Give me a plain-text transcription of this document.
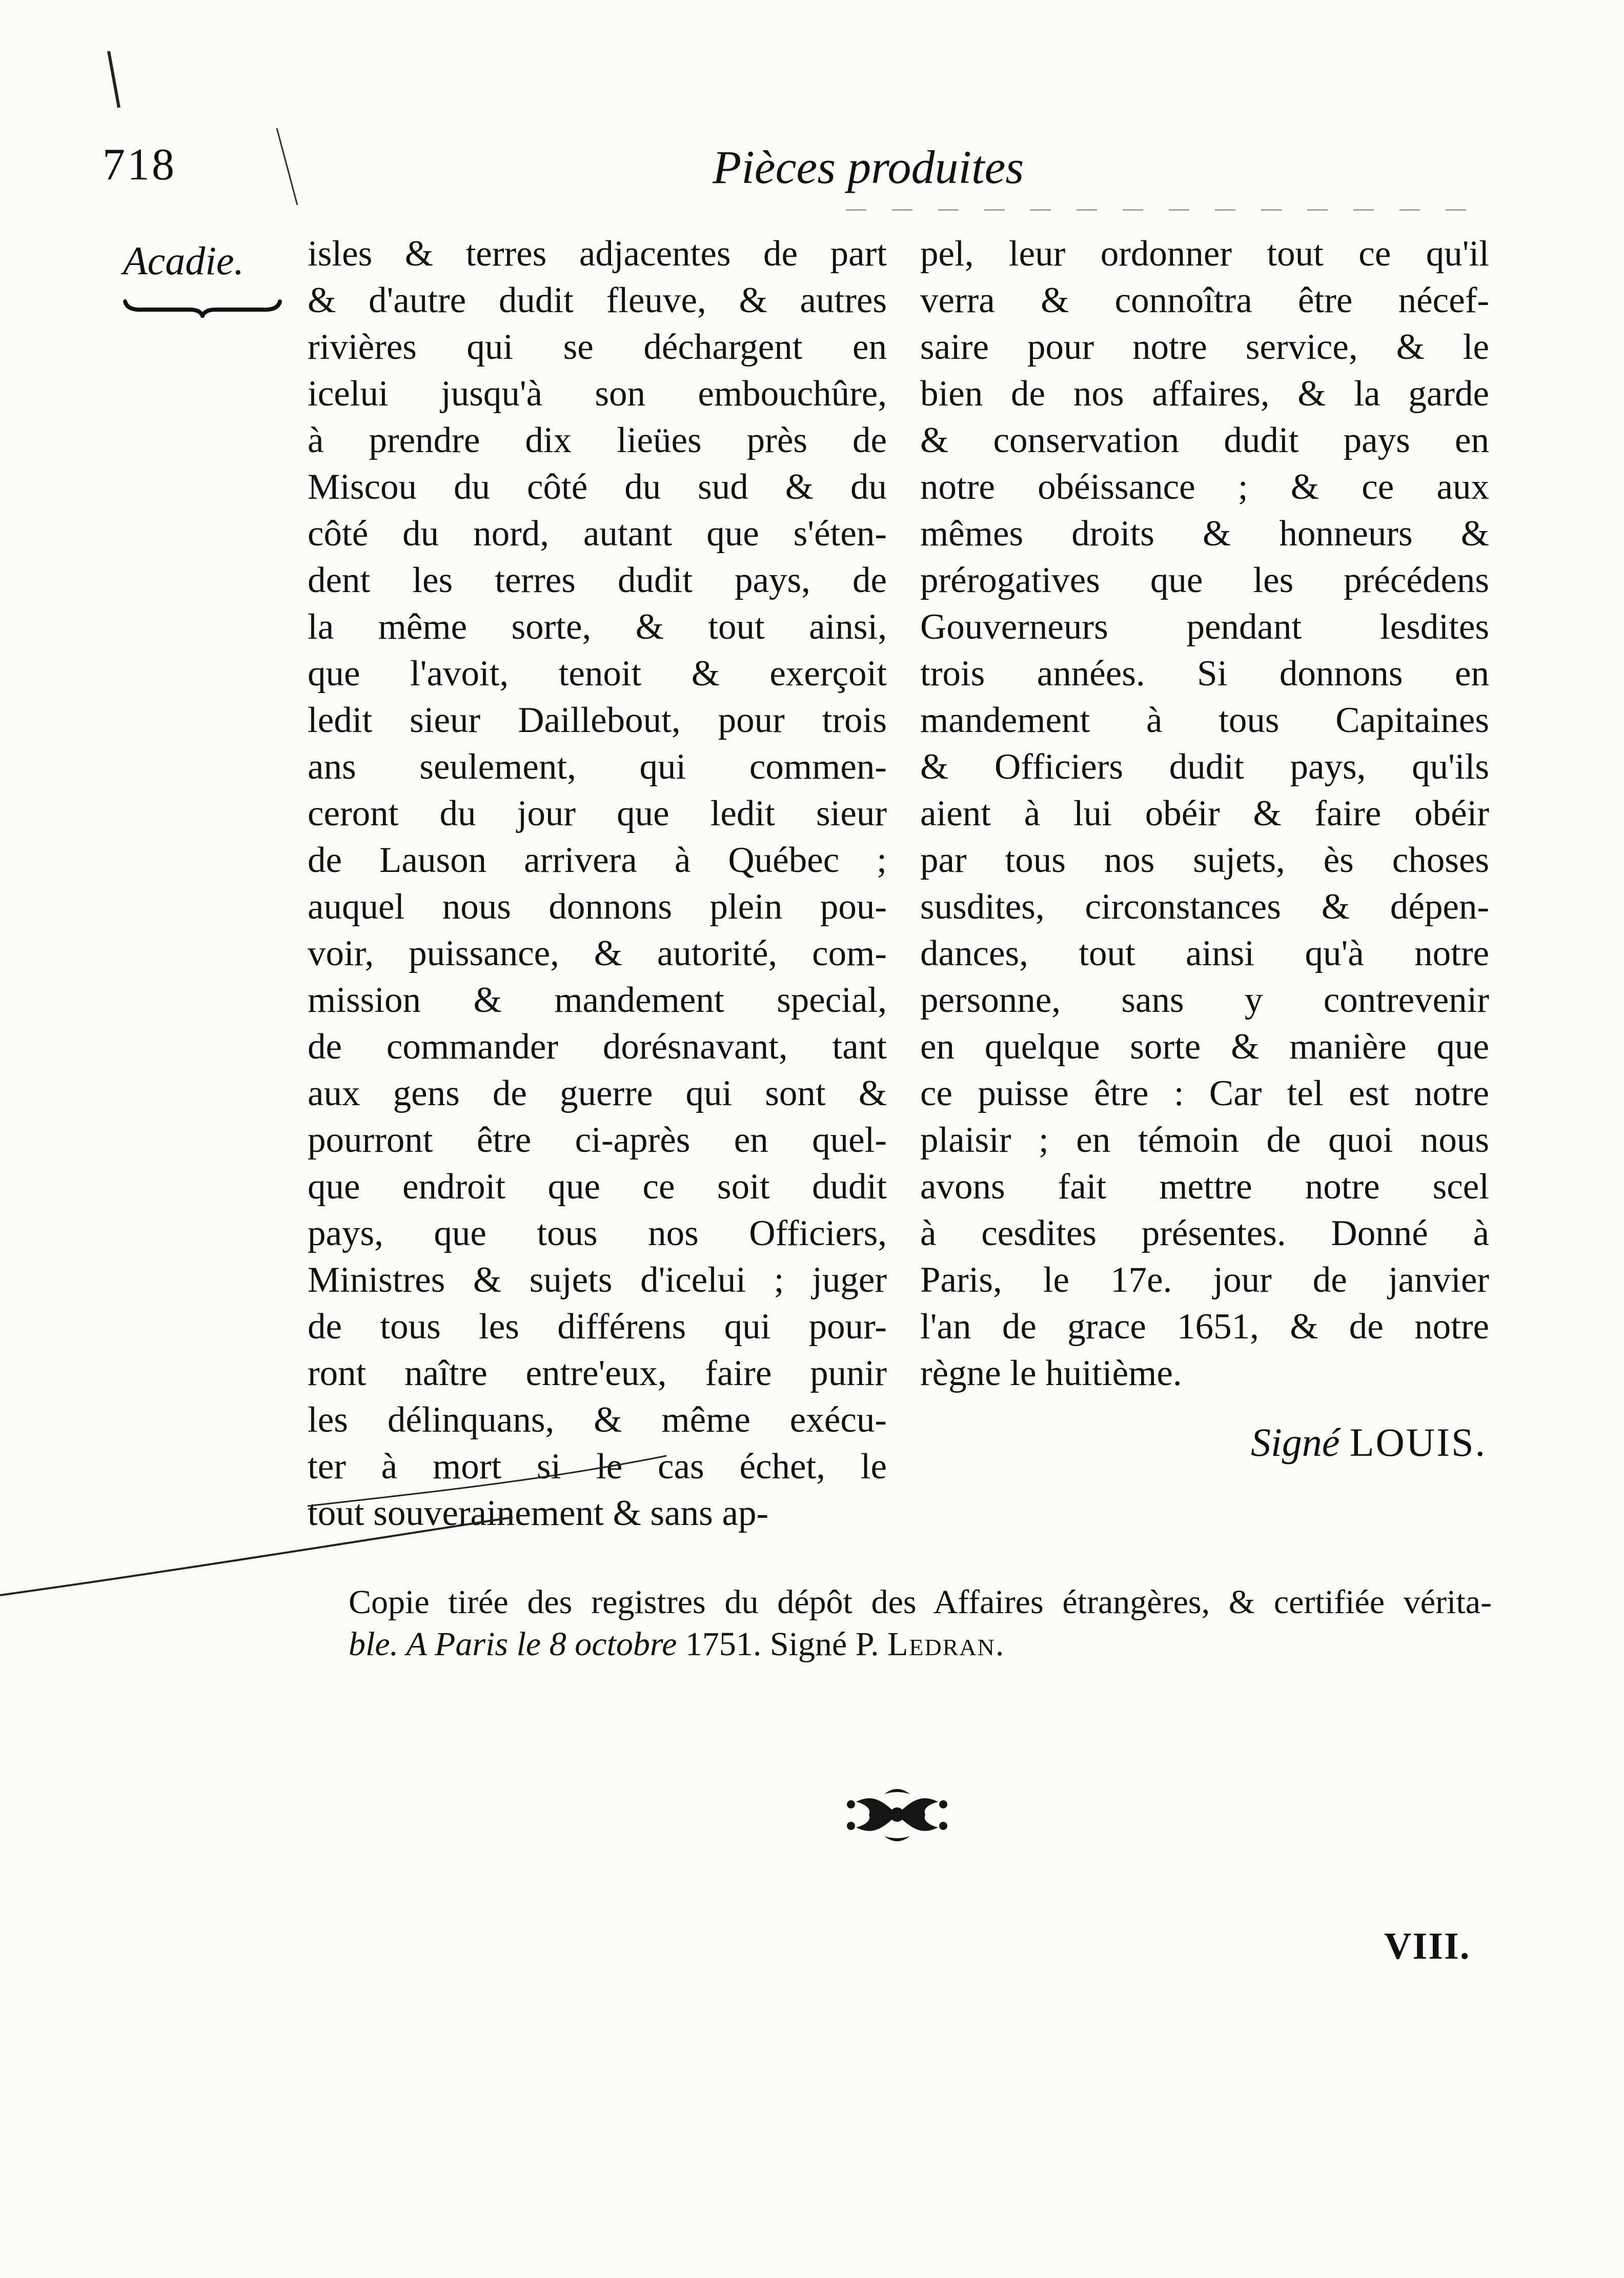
718	Pièces produites
Acadie. isles & terres adjacentes de part
& d'autre dudit fleuve, & autres
rivières qui se déchargent en
icelui jusqu'à son embouchûre,
à prendre dix lieües près de
Miscou du côté du sud & du
côté du nord, autant que s'éten-
dent les terres dudit pays, de
la même sorte, & tout ainsi,
que l'avoit, tenoit & exerçoit
ledit sieur Daillebout, pour trois
ans seulement, qui commen-
ceront du jour que ledit sieur
de Lauson arrivera à Québec ;
auquel nous donnons plein pou-
voir, puissance, & autorité, com-
mission & mandement special,
de commander dorésnavant, tant
aux gens de guerre qui sont &
pourront être ci-après en quel-
que endroit que ce soit dudit
pays, que tous nos Officiers,
Ministres & sujets d'icelui ; juger
de tous les différens qui pour-
ront naître entre'eux, faire punir
les délinquans, & même exécu-
ter à mort si le cas échet, le
tout souverainement & sans ap-
pel, leur ordonner tout ce qu'il
verra & connoîtra être nécef-
saire pour notre service, & le
bien de nos affaires, & la garde
& conservation dudit pays en
notre obéissance ; & ce aux
mêmes droits & honneurs &
prérogatives que les précédens
Gouverneurs pendant lesdites
trois années. Si donnons en
mandement à tous Capitaines
& Officiers dudit pays, qu'ils
aient à lui obéir & faire obéir
par tous nos sujets, ès choses
susdites, circonstances & dépen-
dances, tout ainsi qu'à notre
personne, sans y contrevenir
en quelque sorte & manière que
ce puisse être : Car tel est notre
plaisir ; en témoin de quoi nous
avons fait mettre notre scel
à cesdites présentes. Donné à
Paris, le 17e. jour de janvier
l'an de grace 1651, & de notre
règne le huitième.
Signé LOUIS.
Copie tirée des registres du dépôt des Affaires étrangères, & certifiée vérita-
ble. A Paris le 8 octobre 1751. Signé P. Ledran.
VIII.
